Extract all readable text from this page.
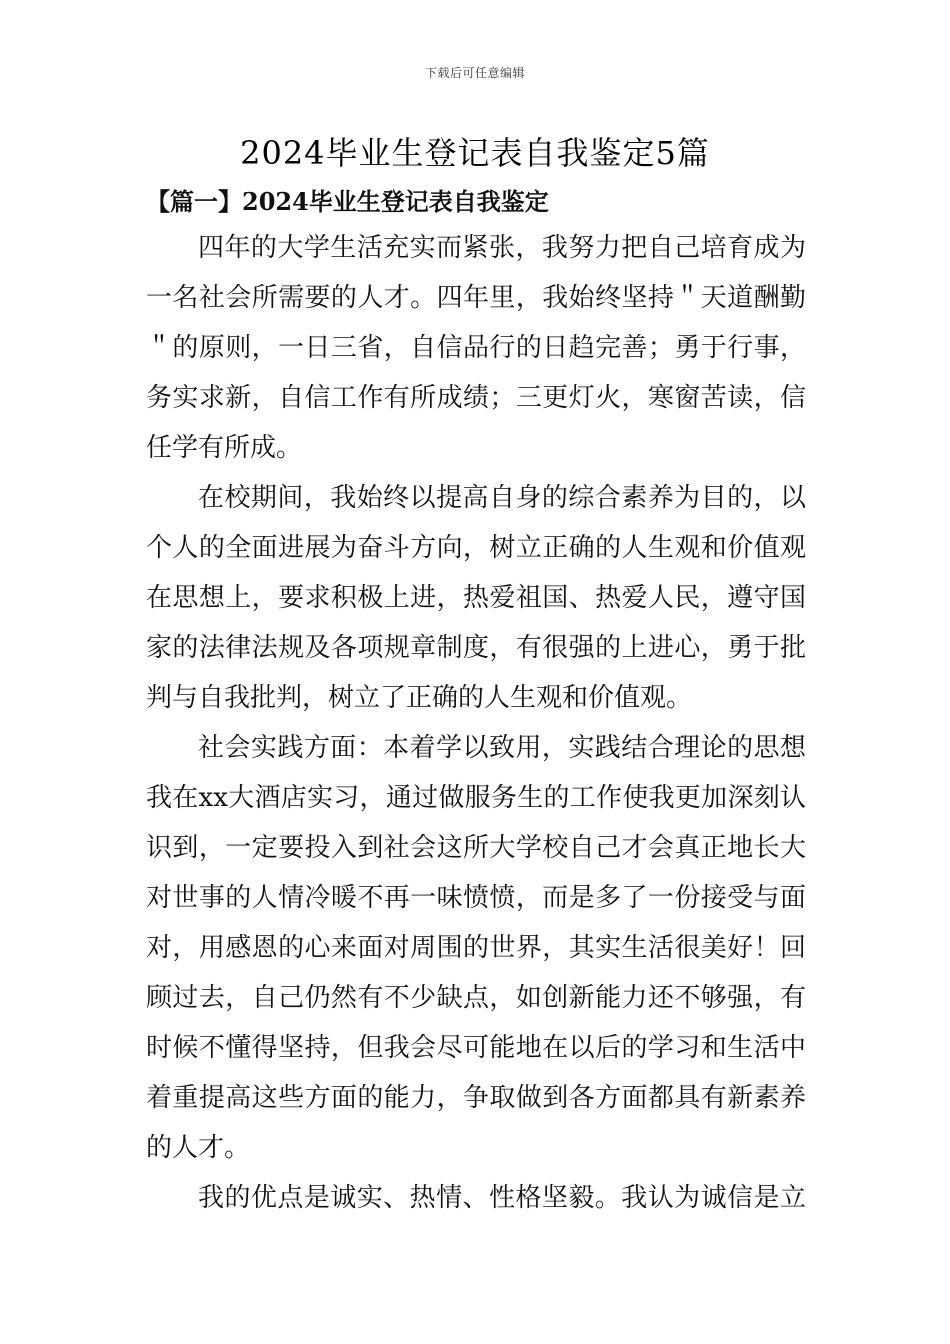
下载后可任意编辑
2024毕业生登记表自我鉴定5篇
【篇一】2024毕业生登记表自我鉴定
四年的大学生活充实而紧张，我努力把自己培育成为
一名社会所需要的人才。四年里，我始终坚持＂天道酬勤
＂的原则，一日三省，自信品行的日趋完善；勇于行事，
务实求新，自信工作有所成绩；三更灯火，寒窗苦读，信
任学有所成。
在校期间，我始终以提高自身的综合素养为目的，以
个人的全面进展为奋斗方向，树立正确的人生观和价值观
在思想上，要求积极上进，热爱祖国、热爱人民，遵守国
家的法律法规及各项规章制度，有很强的上进心，勇于批
判与自我批判，树立了正确的人生观和价值观。
社会实践方面：本着学以致用，实践结合理论的思想
我在xx大酒店实习，通过做服务生的工作使我更加深刻认
识到，一定要投入到社会这所大学校自己才会真正地长大
对世事的人情冷暖不再一味愤愤，而是多了一份接受与面
对，用感恩的心来面对周围的世界，其实生活很美好！回
顾过去，自己仍然有不少缺点，如创新能力还不够强，有
时候不懂得坚持，但我会尽可能地在以后的学习和生活中
着重提高这些方面的能力，争取做到各方面都具有新素养
的人才。
我的优点是诚实、热情、性格坚毅。我认为诚信是立
